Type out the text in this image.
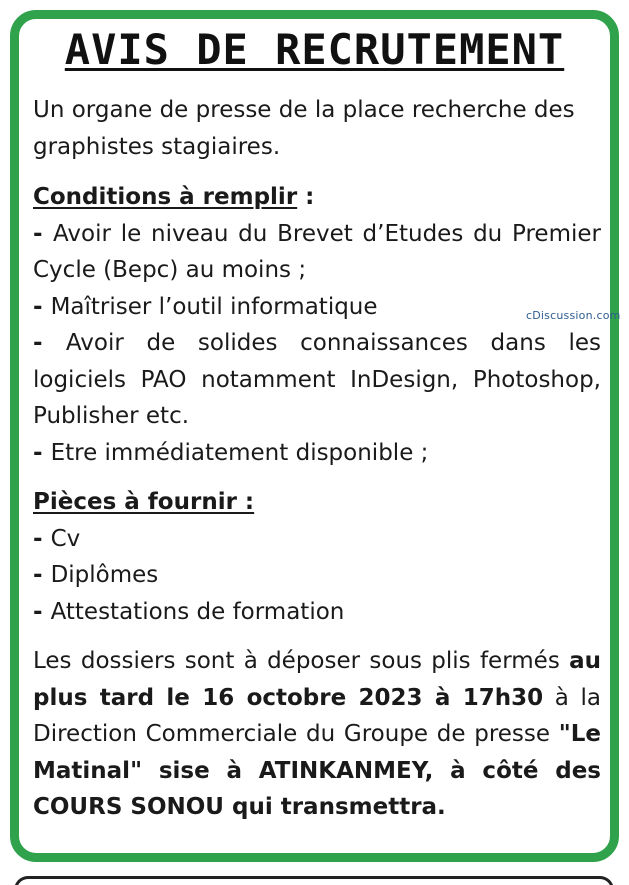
AVIS DE RECRUTEMENT

Un organe de presse de la place recherche des graphistes stagiaires.

Conditions à remplir :

- Avoir le niveau du Brevet d’Etudes du Premier Cycle (Bepc) au moins ;

- Maîtriser l’outil informatique

- Avoir de solides connaissances dans les logiciels PAO notamment InDesign, Photoshop, Publisher etc.

- Etre immédiatement disponible ;

Pièces à fournir :

- Cv

- Diplômes

- Attestations de formation

Les dossiers sont à déposer sous plis fermés au plus tard le 16 octobre 2023 à 17h30 à la Direction Commerciale du Groupe de presse "Le Matinal" sise à ATINKANMEY, à côté des COURS SONOU qui transmettra.

cDiscussion.com
